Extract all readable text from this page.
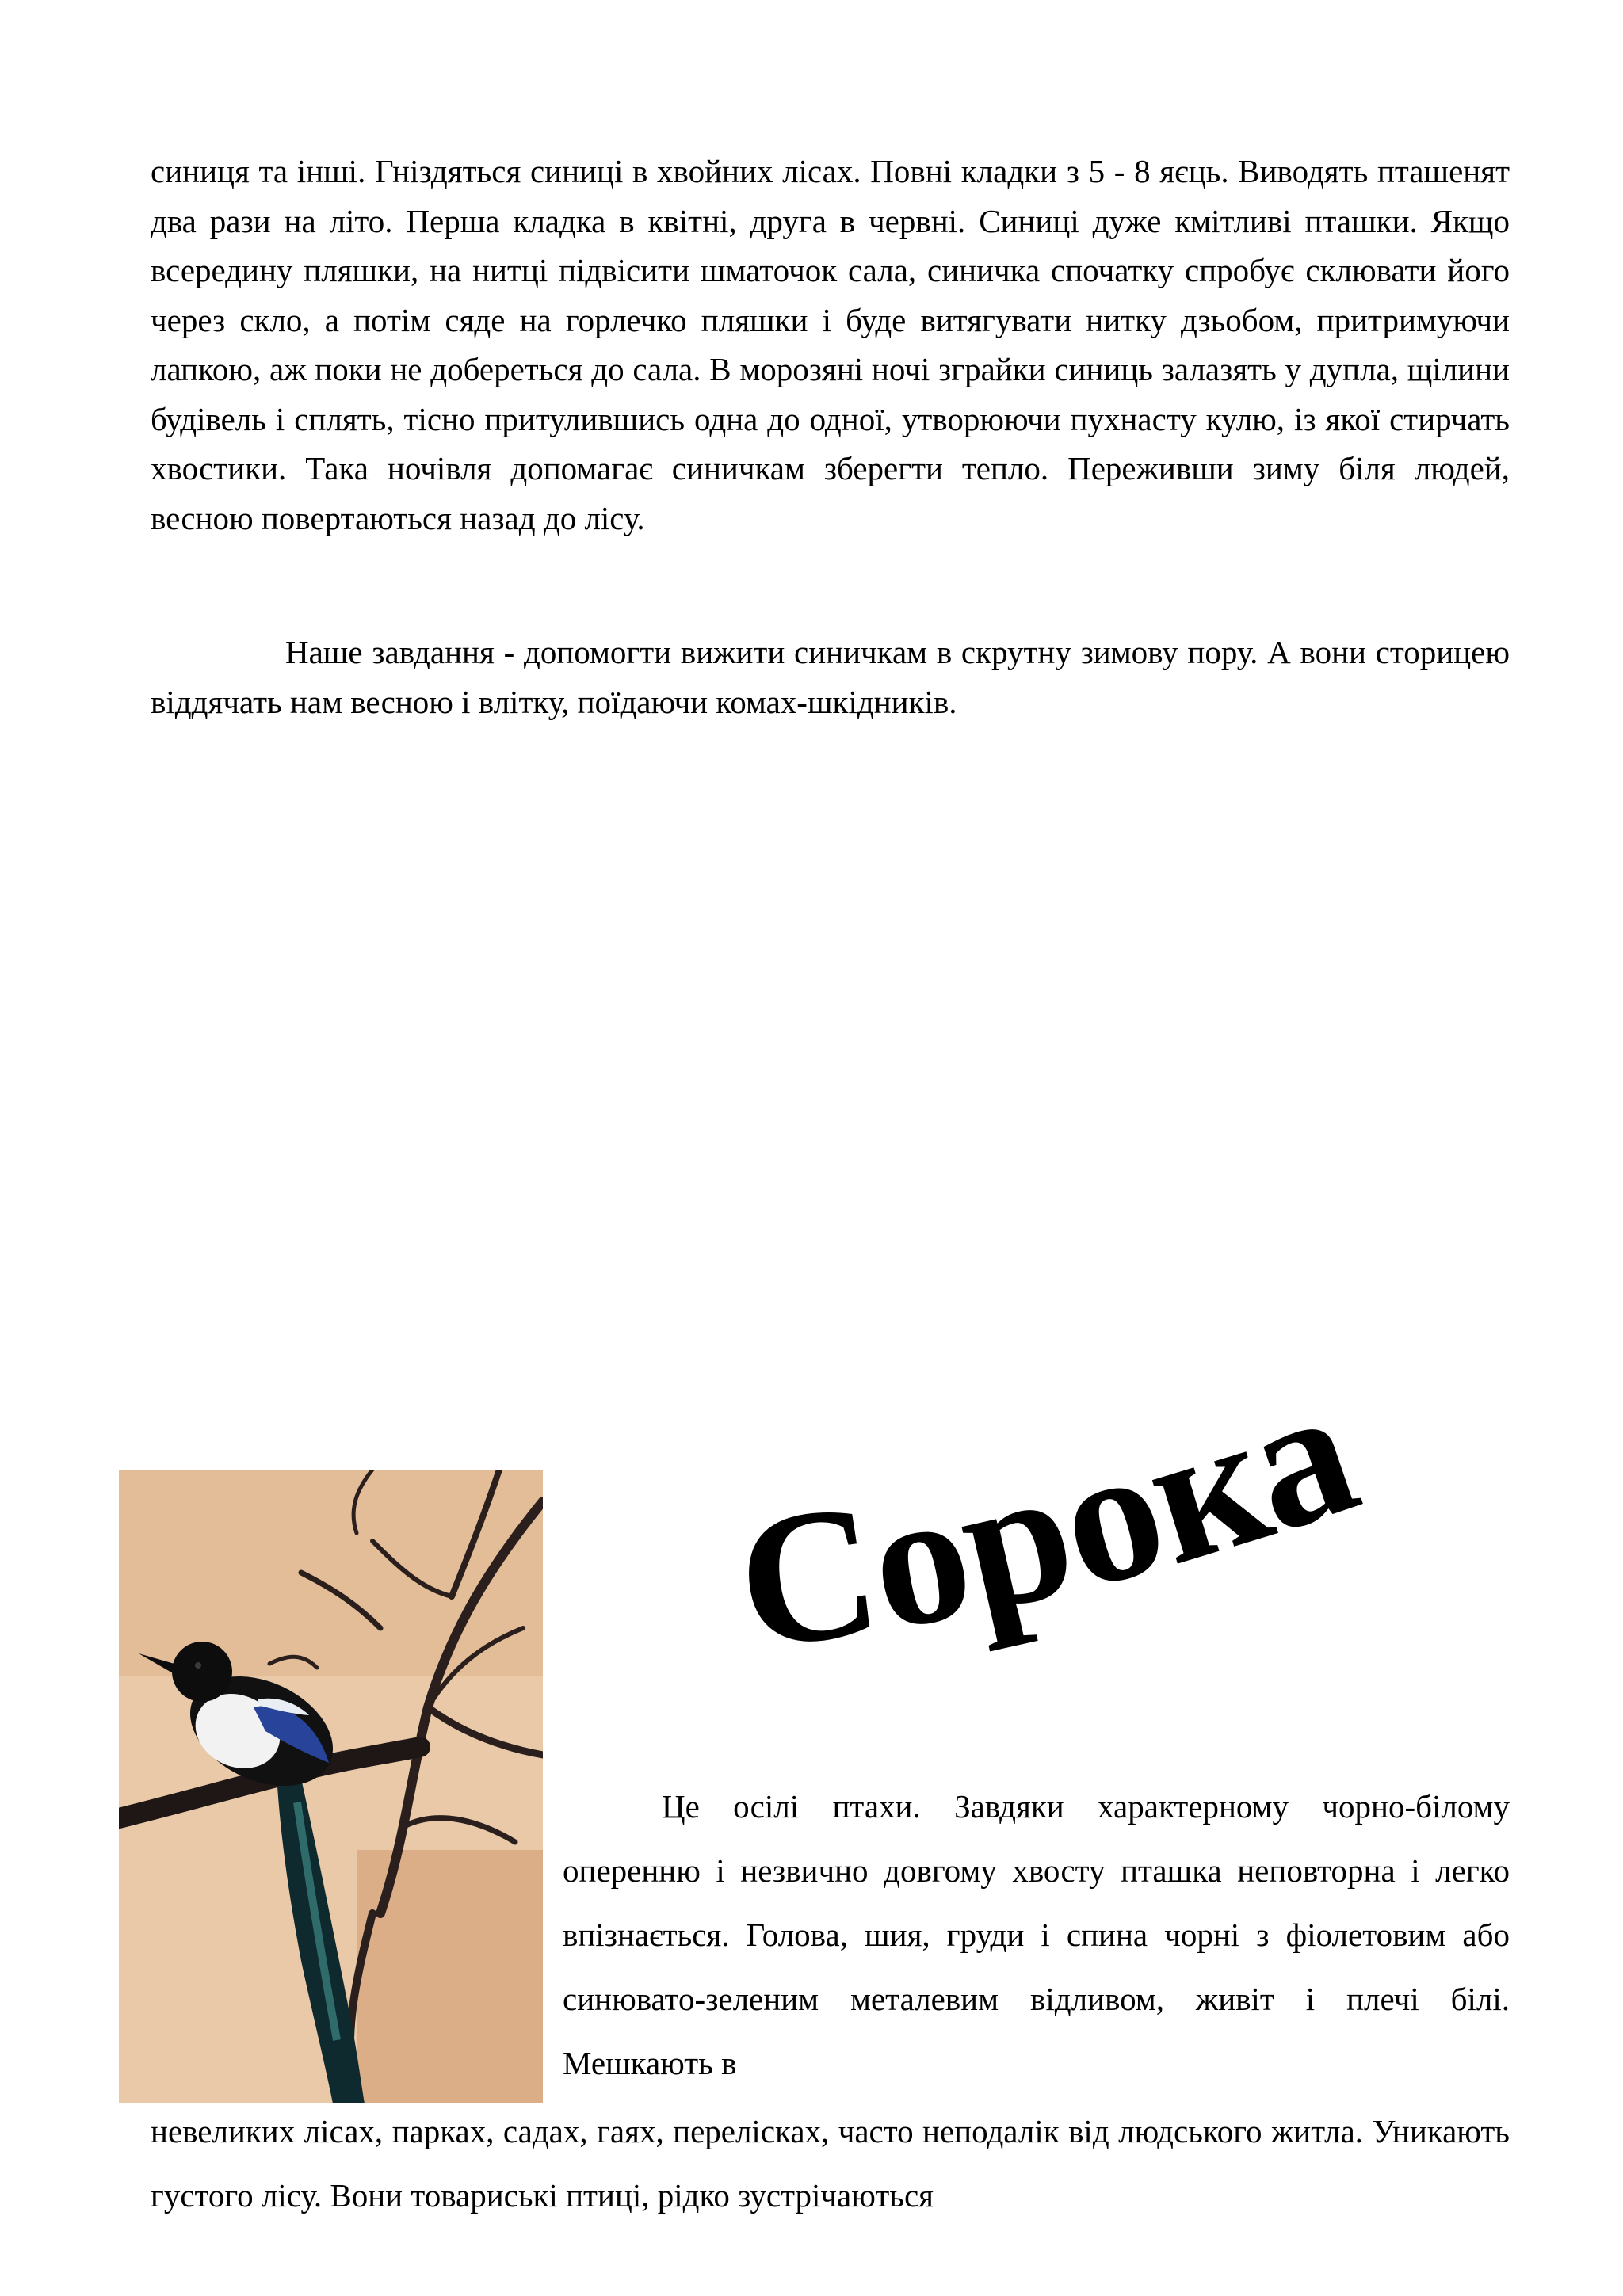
синиця та інші. Гніздяться синиці в хвойних лісах. Повні кладки з 5 - 8 яєць. Виводять пташенят два рази на літо. Перша кладка в квітні, друга в червні. Синиці дуже кмітливі пташки. Якщо всередину пляшки, на нитці підвісити шматочок сала, синичка спочатку спробує склювати його через скло, а потім сяде на горлечко пляшки і буде витягувати нитку дзьобом, притримуючи лапкою, аж поки не добереться до сала. В морозяні ночі зграйки синиць залазять у дупла, щілини будівель і сплять, тісно притулившись одна до одної, утворюючи пухнасту кулю, із якої стирчать хвостики. Така ночівля допомагає синичкам зберегти тепло. Переживши зиму біля людей, весною повертаються назад до лісу.

Наше завдання - допомогти вижити синичкам в скрутну зимову пору. А вони сторицею віддячать нам весною і влітку, поїдаючи комах-шкідників.

Сорока

Це осілі птахи. Завдяки характерному чорно-білому оперенню і незвично довгому хвосту пташка неповторна і легко впізнається. Голова, шия, груди і спина чорні з фіолетовим або синювато-зеленим металевим відливом, живіт і плечі білі. Мешкають в

невеликих лісах, парках, садах, гаях, перелісках, часто неподалік від людського житла. Уникають густого лісу. Вони товариські птиці, рідко зустрічаються
